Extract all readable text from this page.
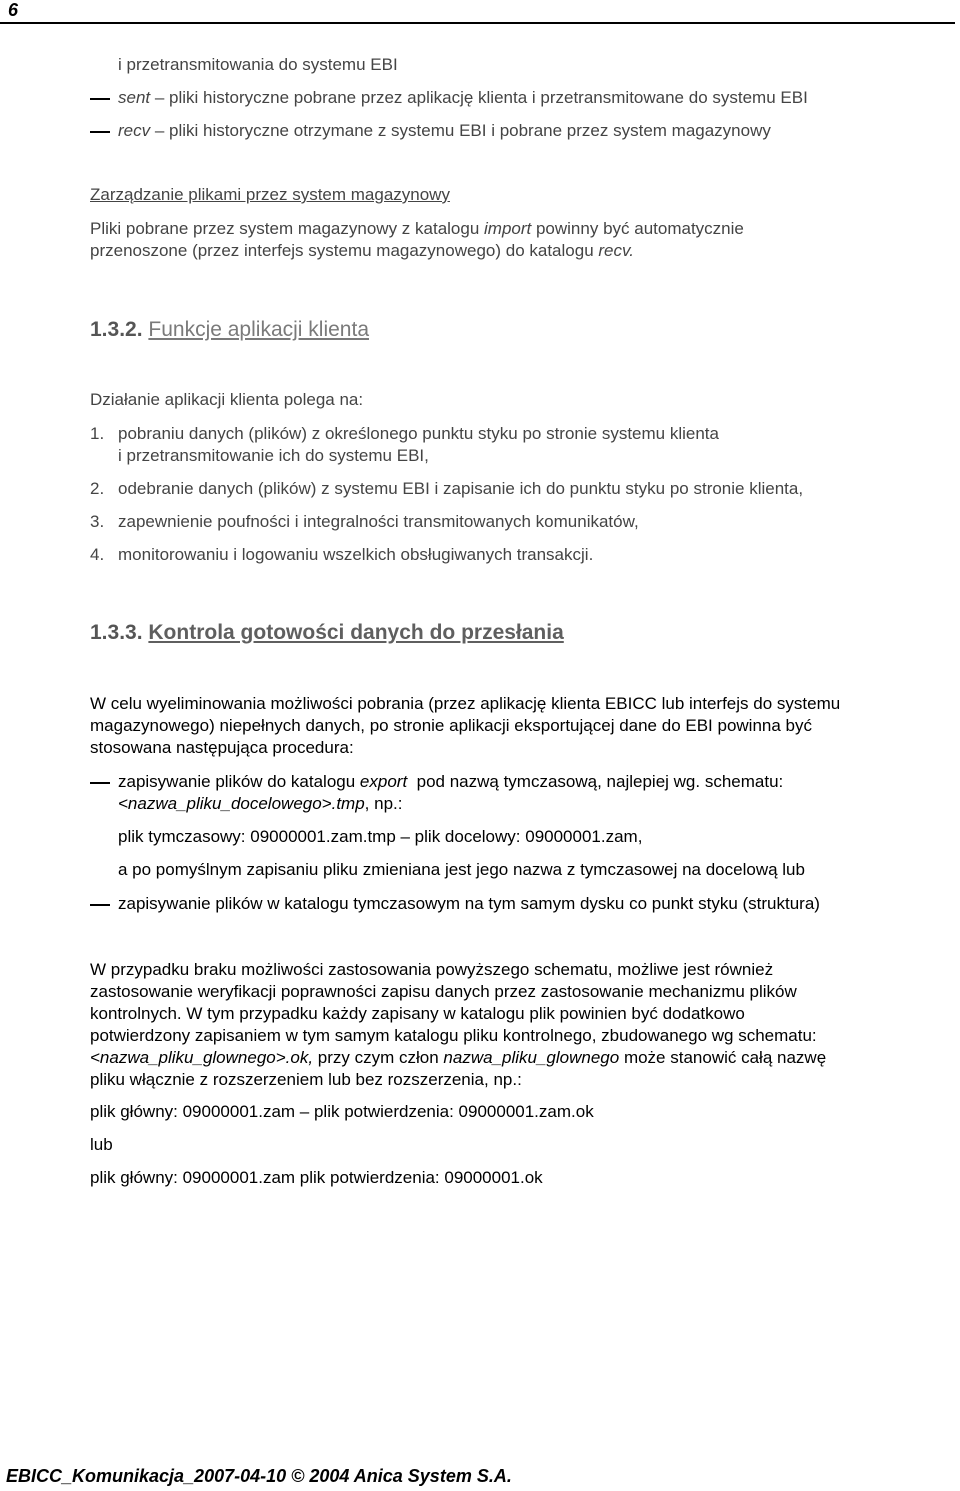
6
i przetransmitowania do systemu EBI
sent – pliki historyczne pobrane przez aplikację klienta i przetransmitowane do systemu EBI
recv – pliki historyczne otrzymane z systemu EBI i pobrane przez system magazynowy
Zarządzanie plikami przez system magazynowy
Pliki pobrane przez system magazynowy z katalogu import powinny być automatycznie
przenoszone (przez interfejs systemu magazynowego) do katalogu recv.
1.3.2. Funkcje aplikacji klienta
Działanie aplikacji klienta polega na:
1. pobraniu danych (plików) z określonego punktu styku po stronie systemu klienta
i przetransmitowanie ich do systemu EBI,
2. odebranie danych (plików) z systemu EBI i zapisanie ich do punktu styku po stronie klienta,
3. zapewnienie poufności i integralności transmitowanych komunikatów,
4. monitorowaniu i logowaniu wszelkich obsługiwanych transakcji.
1.3.3. Kontrola gotowości danych do przesłania
W celu wyeliminowania możliwości pobrania (przez aplikację klienta EBICC lub interfejs do systemu
magazynowego) niepełnych danych, po stronie aplikacji eksportującej dane do EBI powinna być
stosowana następująca procedura:
zapisywanie plików do katalogu export  pod nazwą tymczasową, najlepiej wg. schematu:
<nazwa_pliku_docelowego>.tmp, np.:
plik tymczasowy: 09000001.zam.tmp – plik docelowy: 09000001.zam,
a po pomyślnym zapisaniu pliku zmieniana jest jego nazwa z tymczasowej na docelową lub
zapisywanie plików w katalogu tymczasowym na tym samym dysku co punkt styku (struktura)
W przypadku braku możliwości zastosowania powyższego schematu, możliwe jest również
zastosowanie weryfikacji poprawności zapisu danych przez zastosowanie mechanizmu plików
kontrolnych. W tym przypadku każdy zapisany w katalogu plik powinien być dodatkowo
potwierdzony zapisaniem w tym samym katalogu pliku kontrolnego, zbudowanego wg schematu:
<nazwa_pliku_glownego>.ok, przy czym człon nazwa_pliku_glownego może stanowić całą nazwę
pliku włącznie z rozszerzeniem lub bez rozszerzenia, np.:
plik główny: 09000001.zam – plik potwierdzenia: 09000001.zam.ok
lub
plik główny: 09000001.zam plik potwierdzenia: 09000001.ok
EBICC_Komunikacja_2007-04-10 © 2004 Anica System S.A.
